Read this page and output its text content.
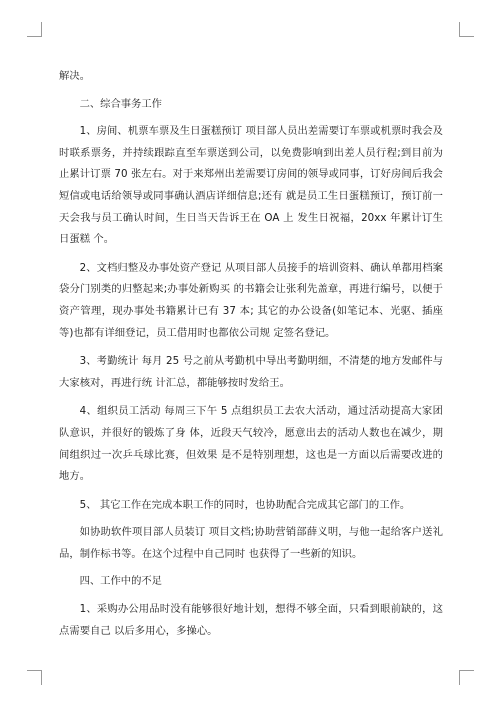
解决。

二、综合事务工作

1、房间、机票车票及生日蛋糕预订 项目部人员出差需要订车票或机票时我会及时联系票务，并持续跟踪直至车票送到公司，以免费影响到出差人员行程;到目前为止累计订票 70 张左右。对于来郑州出差需要订房间的领导或同事，订好房间后我会短信或电话给领导或同事确认酒店详细信息;还有 就是员工生日蛋糕预订，预订前一天会我与员工确认时间，生日当天告诉王在 OA 上 发生日祝福，20xx 年累计订生日蛋糕 个。

2、文档归整及办事处资产登记 从项目部人员接手的培训资料、确认单都用档案袋分门别类的归整起来;办事处新购买 的书籍会让张利先盖章，再进行编号，以便于资产管理，现办事处书籍累计已有 37 本; 其它的办公设备(如笔记本、光驱、插座等)也都有详细登记，员工借用时也都依公司规 定签名登记。

3、考勤统计 每月 25 号之前从考勤机中导出考勤明细，不清楚的地方发邮件与大家核对，再进行统 计汇总，都能够按时发给王。

4、组织员工活动 每周三下午 5 点组织员工去农大活动，通过活动提高大家团队意识，并很好的锻炼了身 体，近段天气较冷，愿意出去的活动人数也在减少，期间组织过一次乒乓球比赛，但效果 是不是特别理想，这也是一方面以后需要改进的地方。

5、 其它工作在完成本职工作的同时，也协助配合完成其它部门的工作。

如协助软件项目部人员装订 项目文档;协助营销部薛义明，与他一起给客户送礼品，制作标书等。在这个过程中自己同时 也获得了一些新的知识。

四、工作中的不足

1、采购办公用品时没有能够很好地计划，想得不够全面，只看到眼前缺的，这点需要自己 以后多用心，多操心。
